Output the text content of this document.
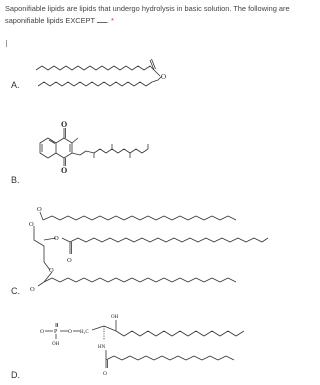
Saponifiable lipids are lipids that undergo hydrolysis in basic solution. The following are saponifiable lipids EXCEPT . *
A.
B.
C.
D.
O
O
O
O
O
O
O
O
O
O P
OH
O H₂C
OH
HN
O
